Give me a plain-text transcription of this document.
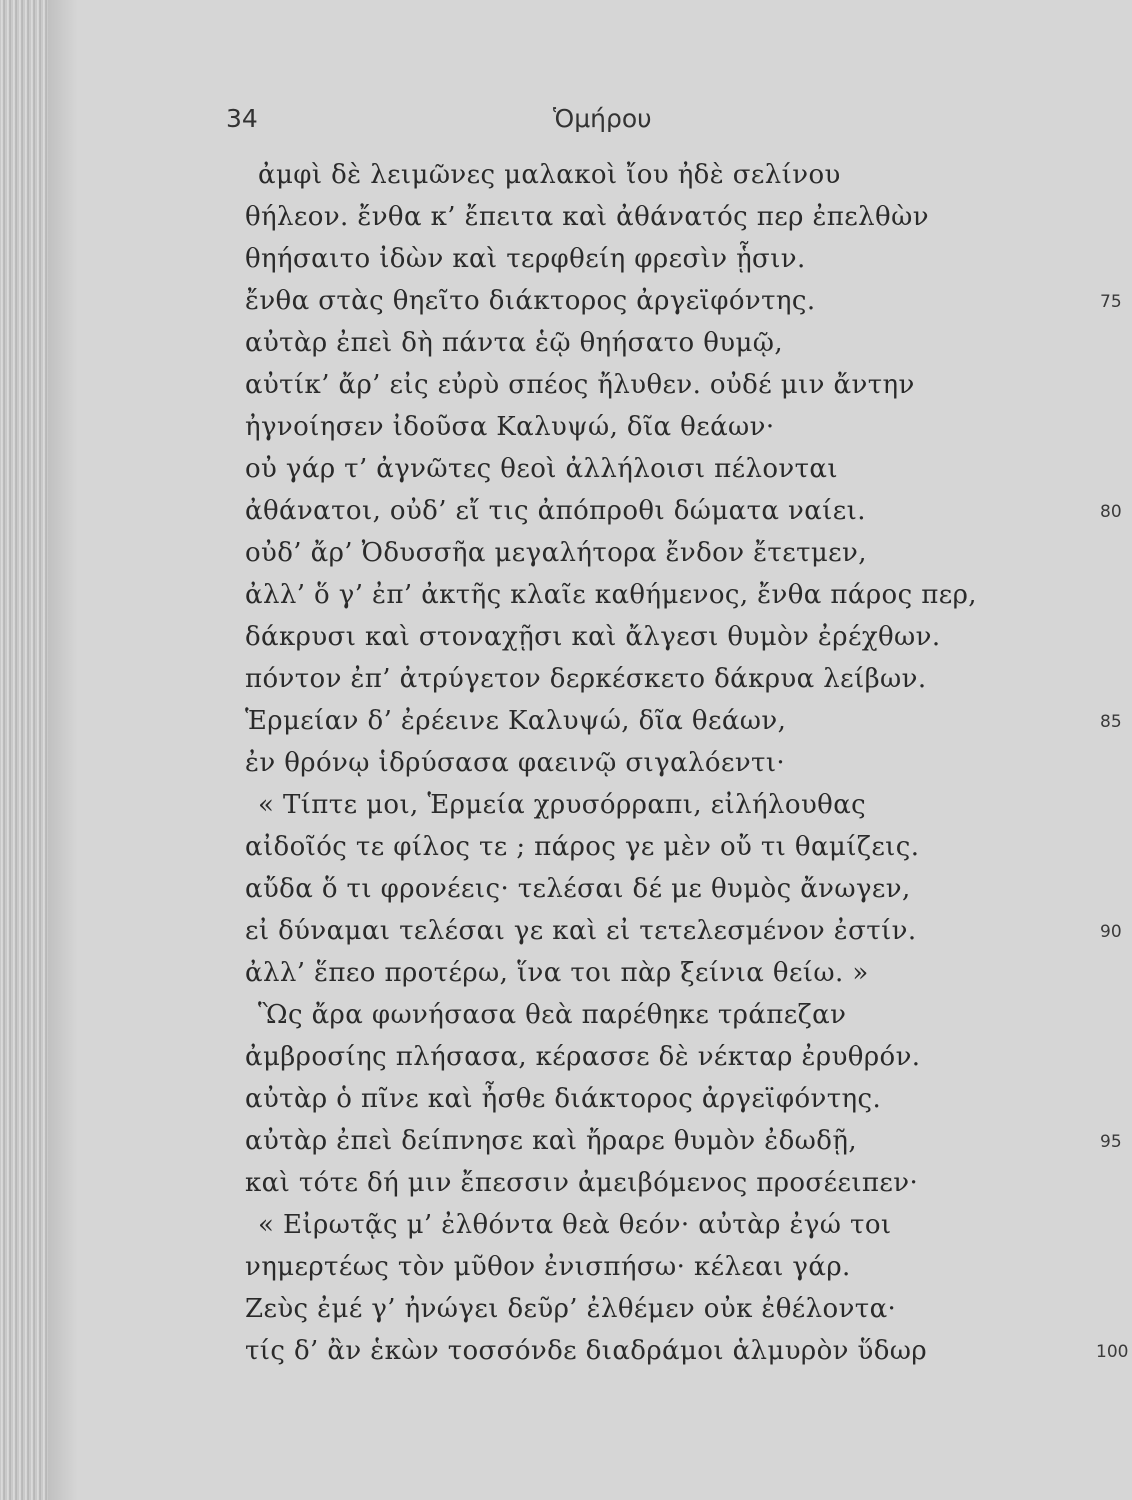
34	Ὁμήρου
ἀμφὶ δὲ λειμῶνες μαλακοὶ ἴου ἠδὲ σελίνου
θήλεον. ἔνθα κ’ ἔπειτα καὶ ἀθάνατός περ ἐπελθὼν
θηήσαιτο ἰδὼν καὶ τερφθείη φρεσὶν ᾗσιν.
ἔνθα στὰς θηεῖτο διάκτορος ἀργεϊφόντης.	75
αὐτὰρ ἐπεὶ δὴ πάντα ἑῷ θηήσατο θυμῷ,
αὐτίκ’ ἄρ’ εἰς εὐρὺ σπέος ἤλυθεν. οὐδέ μιν ἄντην
ἠγνοίησεν ἰδοῦσα Καλυψώ, δῖα θεάων·
οὐ γάρ τ’ ἀγνῶτες θεοὶ ἀλλήλοισι πέλονται
ἀθάνατοι, οὐδ’ εἴ τις ἀπόπροθι δώματα ναίει.	80
οὐδ’ ἄρ’ Ὀδυσσῆα μεγαλήτορα ἔνδον ἔτετμεν,
ἀλλ’ ὅ γ’ ἐπ’ ἀκτῆς κλαῖε καθήμενος, ἔνθα πάρος περ,
δάκρυσι καὶ στοναχῇσι καὶ ἄλγεσι θυμὸν ἐρέχθων.
πόντον ἐπ’ ἀτρύγετον δερκέσκετο δάκρυα λείβων.
Ἑρμείαν δ’ ἐρέεινε Καλυψώ, δῖα θεάων,	85
ἐν θρόνῳ ἱδρύσασα φαεινῷ σιγαλόεντι·
« Τίπτε μοι, Ἑρμεία χρυσόρραπι, εἰλήλουθας
αἰδοῖός τε φίλος τε ; πάρος γε μὲν οὔ τι θαμίζεις.
αὔδα ὅ τι φρονέεις· τελέσαι δέ με θυμὸς ἄνωγεν,
εἰ δύναμαι τελέσαι γε καὶ εἰ τετελεσμένον ἐστίν.	90
ἀλλ’ ἕπεο προτέρω, ἵνα τοι πὰρ ξείνια θείω. »
Ὣς ἄρα φωνήσασα θεὰ παρέθηκε τράπεζαν
ἀμβροσίης πλήσασα, κέρασσε δὲ νέκταρ ἐρυθρόν.
αὐτὰρ ὁ πῖνε καὶ ἦσθε διάκτορος ἀργεϊφόντης.
αὐτὰρ ἐπεὶ δείπνησε καὶ ἤραρε θυμὸν ἐδωδῇ,	95
καὶ τότε δή μιν ἔπεσσιν ἀμειβόμενος προσέειπεν·
« Εἰρωτᾷς μ’ ἐλθόντα θεὰ θεόν· αὐτὰρ ἐγώ τοι
νημερτέως τὸν μῦθον ἐνισπήσω· κέλεαι γάρ.
Ζεὺς ἐμέ γ’ ἠνώγει δεῦρ’ ἐλθέμεν οὐκ ἐθέλοντα·
τίς δ’ ἂν ἑκὼν τοσσόνδε διαδράμοι ἁλμυρὸν ὕδωρ	100
